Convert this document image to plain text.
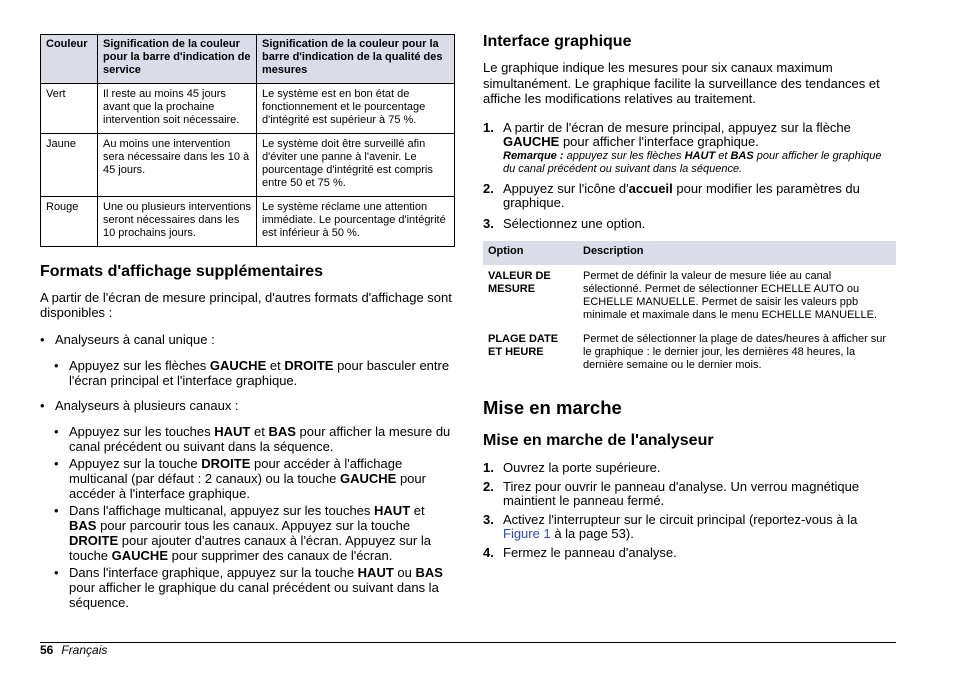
Couleur	Signification de la couleur pour la barre d'indication de service	Signification de la couleur pour la barre d'indication de la qualité des mesures
Vert	Il reste au moins 45 jours avant que la prochaine intervention soit nécessaire.	Le système est en bon état de fonctionnement et le pourcentage d'intégrité est supérieur à 75 %.
Jaune	Au moins une intervention sera nécessaire dans les 10 à 45 jours.	Le système doit être surveillé afin d'éviter une panne à l'avenir. Le pourcentage d'intégrité est compris entre 50 et 75 %.
Rouge	Une ou plusieurs interventions seront nécessaires dans les 10 prochains jours.	Le système réclame une attention immédiate. Le pourcentage d'intégrité est inférieur à 50 %.
Formats d'affichage supplémentaires

A partir de l'écran de mesure principal, d'autres formats d'affichage sont disponibles :

• Analyseurs à canal unique :
• Appuyez sur les flèches GAUCHE et DROITE pour basculer entre l'écran principal et l'interface graphique.
• Analyseurs à plusieurs canaux :
• Appuyez sur les touches HAUT et BAS pour afficher la mesure du canal précédent ou suivant dans la séquence.
• Appuyez sur la touche DROITE pour accéder à l'affichage multicanal (par défaut : 2 canaux) ou la touche GAUCHE pour accéder à l'interface graphique.
• Dans l'affichage multicanal, appuyez sur les touches HAUT et BAS pour parcourir tous les canaux. Appuyez sur la touche DROITE pour ajouter d'autres canaux à l'écran. Appuyez sur la touche GAUCHE pour supprimer des canaux de l'écran.
• Dans l'interface graphique, appuyez sur la touche HAUT ou BAS pour afficher le graphique du canal précédent ou suivant dans la séquence.
Interface graphique

Le graphique indique les mesures pour six canaux maximum simultanément. Le graphique facilite la surveillance des tendances et affiche les modifications relatives au traitement.

1. A partir de l'écran de mesure principal, appuyez sur la flèche GAUCHE pour afficher l'interface graphique.
Remarque : appuyez sur les flèches HAUT et BAS pour afficher le graphique du canal précédent ou suivant dans la séquence.
2. Appuyez sur l'icône d'accueil pour modifier les paramètres du graphique.
3. Sélectionnez une option.
Option	Description
VALEUR DE MESURE	Permet de définir la valeur de mesure liée au canal sélectionné. Permet de sélectionner ECHELLE AUTO ou ECHELLE MANUELLE. Permet de saisir les valeurs ppb minimale et maximale dans le menu ECHELLE MANUELLE.
PLAGE DATE ET HEURE	Permet de sélectionner la plage de dates/heures à afficher sur le graphique : le dernier jour, les dernières 48 heures, la dernière semaine ou le dernier mois.
Mise en marche
Mise en marche de l'analyseur
1. Ouvrez la porte supérieure.
2. Tirez pour ouvrir le panneau d'analyse. Un verrou magnétique maintient le panneau fermé.
3. Activez l'interrupteur sur le circuit principal (reportez-vous à la Figure 1 à la page 53).
4. Fermez le panneau d'analyse.
56 Français
